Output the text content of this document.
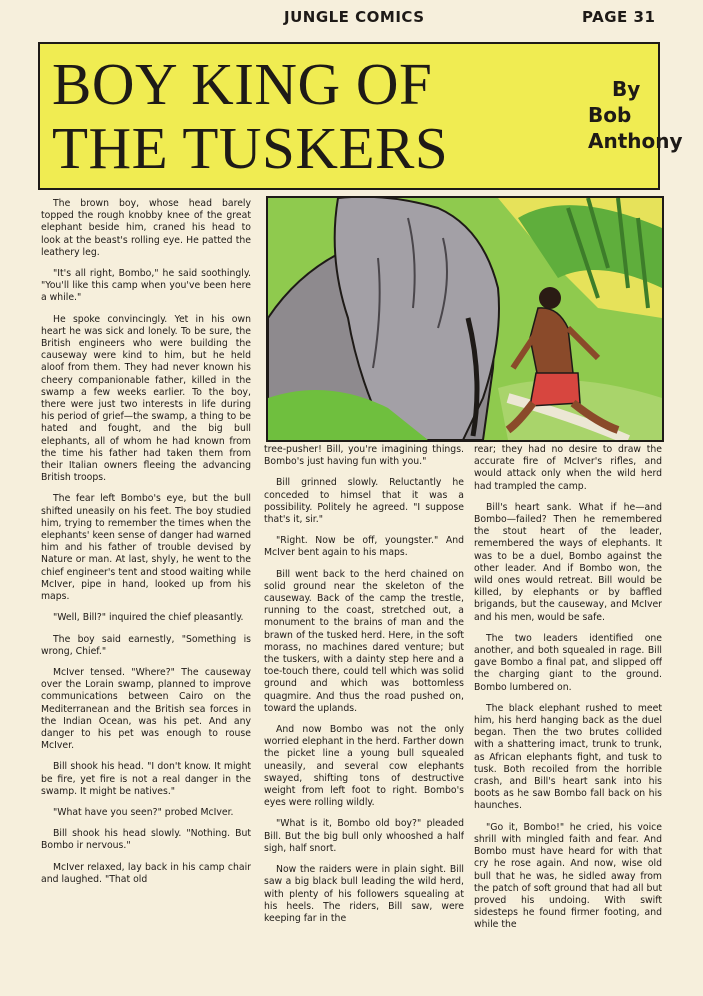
JUNGLE COMICS	PAGE 31
BOY KING OF
THE TUSKERS
By
Bob
Anthony

The brown boy, whose head barely topped the rough knobby knee of the great elephant beside him, craned his head to look at the beast's rolling eye. He patted the leathery leg.

"It's all right, Bombo," he said soothingly. "You'll like this camp when you've been here a while."

He spoke convincingly. Yet in his own heart he was sick and lonely. To be sure, the British engineers who were building the causeway were kind to him, but he held aloof from them. They had never known his cheery companionable father, killed in the swamp a few weeks earlier. To the boy, there were just two interests in life during his period of grief—the swamp, a thing to be hated and fought, and the big bull elephants, all of whom he had known from the time his father had taken them from their Italian owners fleeing the advancing British troops.

The fear left Bombo's eye, but the bull shifted uneasily on his feet. The boy studied him, trying to remember the times when the elephants' keen sense of danger had warned him and his father of trouble devised by Nature or man. At last, shyly, he went to the chief engineer's tent and stood waiting while McIver, pipe in hand, looked up from his maps.

"Well, Bill?" inquired the chief pleasantly.

The boy said earnestly, "Something is wrong, Chief."

McIver tensed. "Where?" The causeway over the Lorain swamp, planned to improve communications between Cairo on the Mediterranean and the British sea forces in the Indian Ocean, was his pet. And any danger to his pet was enough to rouse McIver.

Bill shook his head. "I don't know. It might be fire, yet fire is not a real danger in the swamp. It might be natives."

"What have you seen?" probed McIver.

Bill shook his head slowly. "Nothing. But Bombo ir nervous."

McIver relaxed, lay back in his camp chair and laughed. "That old

tree-pusher! Bill, you're imagining things. Bombo's just having fun with you."

Bill grinned slowly. Reluctantly he conceded to himsel that it was a possibility. Politely he agreed. "I suppose that's it, sir."

"Right. Now be off, youngster." And McIver bent again to his maps.

Bill went back to the herd chained on solid ground near the skeleton of the causeway. Back of the camp the trestle, running to the coast, stretched out, a monument to the brains of man and the brawn of the tusked herd. Here, in the soft morass, no machines dared venture; but the tuskers, with a dainty step here and a toe-touch there, could tell which was solid ground and which was bottomless quagmire. And thus the road pushed on, toward the uplands.

And now Bombo was not the only worried elephant in the herd. Farther down the picket line a young bull squealed uneasily, and several cow elephants swayed, shifting tons of destructive weight from left foot to right. Bombo's eyes were rolling wildly.

"What is it, Bombo old boy?" pleaded Bill. But the big bull only whooshed a half sigh, half snort.

Now the raiders were in plain sight. Bill saw a big black bull leading the wild herd, with plenty of his followers squealing at his heels. The riders, Bill saw, were keeping far in the

rear; they had no desire to draw the accurate fire of McIver's rifles, and would attack only when the wild herd had trampled the camp.

Bill's heart sank. What if he—and Bombo—failed? Then he remembered the stout heart of the leader, remembered the ways of elephants. It was to be a duel, Bombo against the other leader. And if Bombo won, the wild ones would retreat. Bill would be killed, by elephants or by baffled brigands, but the causeway, and McIver and his men, would be safe.

The two leaders identified one another, and both squealed in rage. Bill gave Bombo a final pat, and slipped off the charging giant to the ground. Bombo lumbered on.

The black elephant rushed to meet him, his herd hanging back as the duel began. Then the two brutes collided with a shattering imact, trunk to trunk, as African elephants fight, and tusk to tusk. Both recoiled from the horrible crash, and Bill's heart sank into his boots as he saw Bombo fall back on his haunches.

"Go it, Bombo!" he cried, his voice shrill with mingled faith and fear. And Bombo must have heard for with that cry he rose again. And now, wise old bull that he was, he sidled away from the patch of soft ground that had all but proved his undoing. With swift sidesteps he found firmer footing, and while the
